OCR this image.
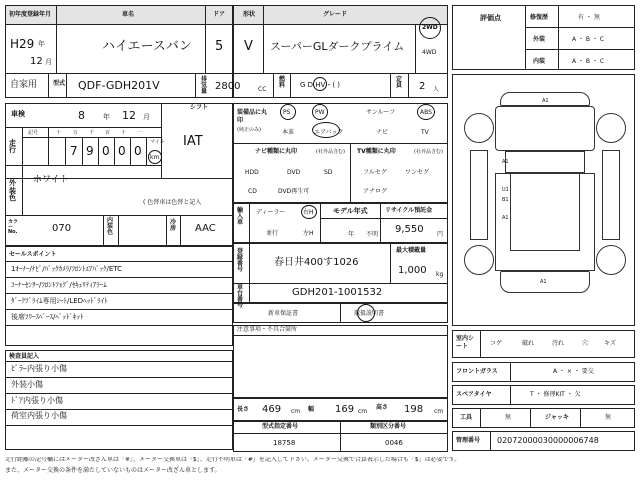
初年度登録年月	車名	ドア
H29 年
12 月
ハイエースバン 5
自家用	型式 QDF-GDH201V	排気量
形状	グレード
V スーパーGLダークプライム
2WD
4WD
2800	CC
燃料 G D HV・( )
定員 2 人
車検	8	年 12 月
シフト
IAT
走行
記号	十 万 千 百 十 一
7 9 0 0 0
マイル
km
外装色
ホワイト
( 色替車は色替と記入
カラーNo.	070
内装色
冷房 AAC
セールスポイント
1ｵｰﾅｰ/ﾅﾋﾞ/ﾊﾞｯｸｶﾒﾗ/ﾌﾛﾝﾄｴｱﾊﾞｯｸ/ETC
ｺｰﾅｰｾﾝｻｰ/ﾌﾛﾝﾄﾌｫｸﾞ/ｾｷｭﾘﾃｨｱﾗｰﾑ
ﾀﾞｰｸﾌﾟﾗｲﾑ専用ｼｰﾄ/LEDﾍｯﾄﾞﾗｲﾄ
後席ﾌﾘｰｽﾍﾟｰｽ/ﾍﾞｯﾄﾞｷｯﾄ
検査員記入
ﾋﾟﾗｰ内張り小傷
外装小傷
ﾄﾞｱ内張り小傷
荷室内張り小傷
装備品に丸印
(純正のみ)
PS	PW	サンルーフ	ABS
本革	エアバック	ナビ	TV
ナビ種類に丸印	(社外品含む)
HDD	DVD	SD
CD	DVD再生可
TV種類に丸印	(社外品含む)
フルセグ	ワンセグ
アナログ
輸入車
ディーラー	右H
並行	左H
モデル年式
年 不明
リサイクル預託金
9,550 円
登録番号
春日井400す1026
最大積載量
1,000 kg
車台番号
GDH201-1001532
新車保証書	取扱説明書
注意事項・不具合箇所
長さ 469 cm 幅 169 cm
高さ 198 cm
型式指定番号
18758
類別区分番号
0046
評価点	修復歴	有 ・ 無
外装	A ・ B ・ C
内装	A ・ B ・ C
A1
A1
U1
B1
A1
A1
室内シート	コゲ	破れ	汚れ	穴	キズ
フロントガラス	A ・ × ・ 要交
スペアタイヤ	T ・ 修理KIT ・ 欠
工具	無	ジャッキ	無
管理番号 02072000030000006748
走行距離の記号欄にはメーター改ざん車は「※」、メーター交換車は「$」、走行不明車は「#」を記入して下さい。メーター交換で合算表示した場合も「$」は必要です。
また、メーター交換の条件を満たしていないものはメーター改ざん車とします。
